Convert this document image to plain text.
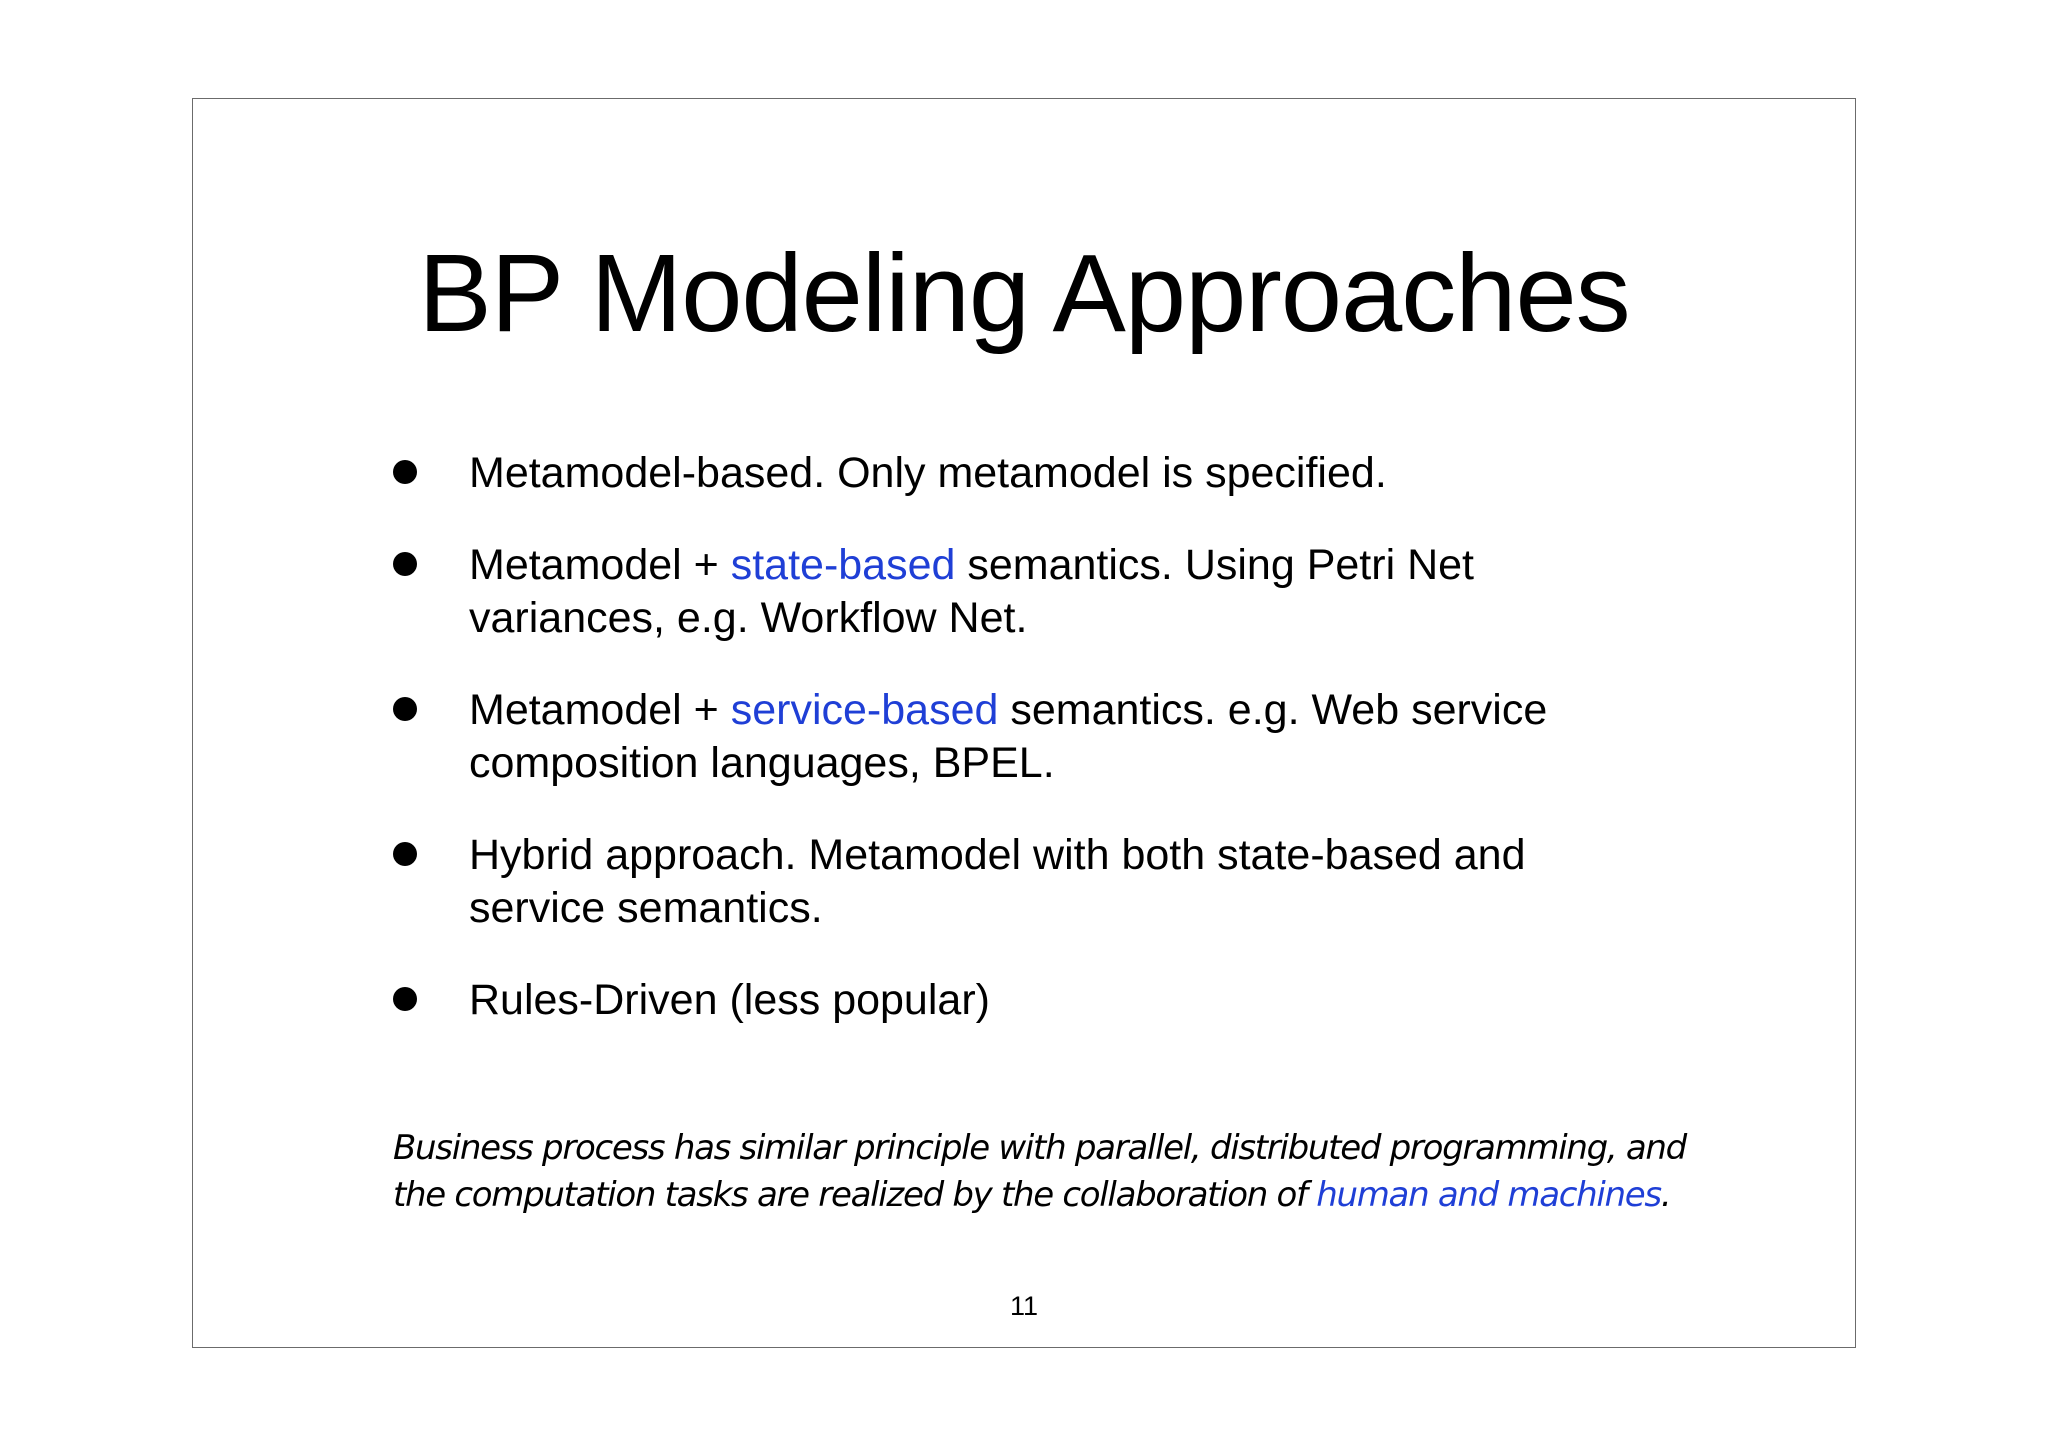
BP Modeling Approaches
Metamodel-based. Only metamodel is specified.
Metamodel + state-based semantics. Using Petri Net
variances, e.g. Workflow Net.
Metamodel + service-based semantics. e.g. Web service
composition languages, BPEL.
Hybrid approach. Metamodel with both state-based and
service semantics.
Rules-Driven (less popular)
Business process has similar principle with parallel, distributed programming, and
the computation tasks are realized by the collaboration of human and machines.
11
